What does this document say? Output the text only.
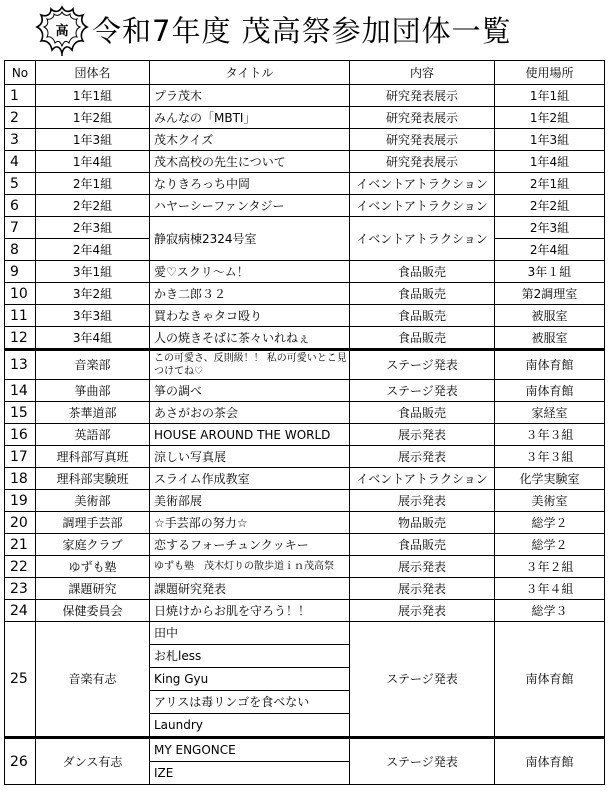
高 令和7年度 茂高祭参加団体一覧
No	団体名	タイトル	内容	使用場所
1	1年1組	プラ茂木	研究発表展示	1年1組
2	1年2組	みんなの「MBTI」	研究発表展示	1年2組
3	1年3組	茂木クイズ	研究発表展示	1年3組
4	1年4組	茂木高校の先生について	研究発表展示	1年4組
5	2年1組	なりきろっち中岡	イベントアトラクション	2年1組
6	2年2組	ハヤーシーファンタジー	イベントアトラクション	2年2組
7	2年3組	静寂病棟2324号室	イベントアトラクション	2年3組
8	2年4組			2年4組
9	3年1組	愛♡スクリ～ム！	食品販売	3年１組
10	3年2組	かき二郎３２	食品販売	第2調理室
11	3年3組	買わなきゃタコ殴り	食品販売	被服室
12	3年4組	人の焼きそばに茶々いれねぇ	食品販売	被服室
13	音楽部	この可愛さ、反則級！！ 私の可愛いとこ見つけてね♡	ステージ発表	南体育館
14	箏曲部	箏の調べ	ステージ発表	南体育館
15	茶華道部	あさがおの茶会	食品販売	家経室
16	英語部	HOUSE AROUND THE WORLD	展示発表	３年３組
17	理科部写真班	涼しい写真展	展示発表	３年３組
18	理科部実験班	スライム作成教室	イベントアトラクション	化学実験室
19	美術部	美術部展	展示発表	美術室
20	調理手芸部	☆手芸部の努力☆	物品販売	総学２
21	家庭クラブ	恋するフォーチュンクッキー	食品販売	総学２
22	ゆずも塾	ゆずも塾　茂木灯りの散歩道ｉｎ茂高祭	展示発表	３年２組
23	課題研究	課題研究発表	展示発表	３年４組
24	保健委員会	日焼けからお肌を守ろう！！	展示発表	総学３
25	音楽有志	田中	ステージ発表	南体育館
		お札less		
		King Gyu		
		アリスは毒リンゴを食べない		
		Laundry		
26	ダンス有志	MY ENGONCE	ステージ発表	南体育館
		IZE		
